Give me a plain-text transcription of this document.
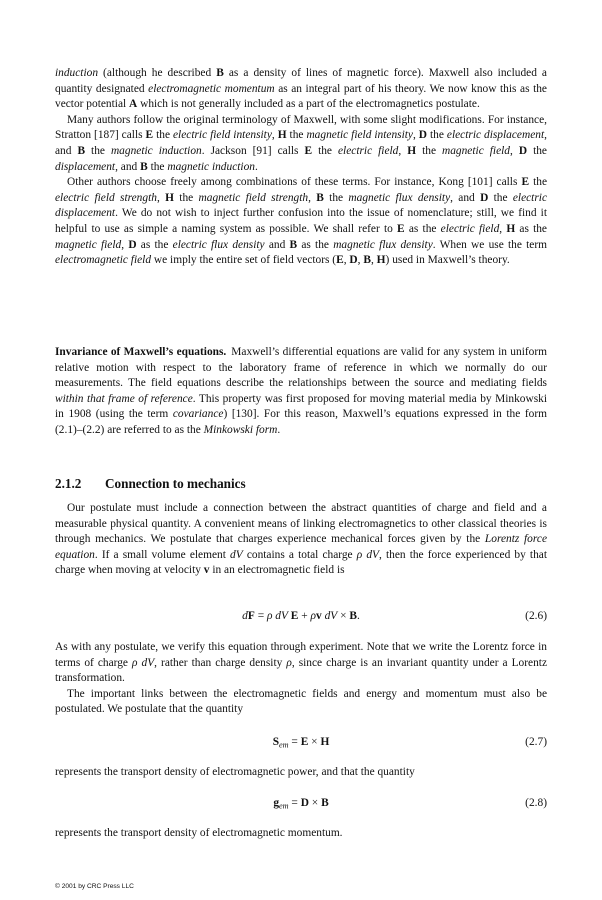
induction (although he described B as a density of lines of magnetic force). Maxwell also included a quantity designated electromagnetic momentum as an integral part of his theory. We now know this as the vector potential A which is not generally included as a part of the electromagnetics postulate.

Many authors follow the original terminology of Maxwell, with some slight modifications. For instance, Stratton [187] calls E the electric field intensity, H the magnetic field intensity, D the electric displacement, and B the magnetic induction. Jackson [91] calls E the electric field, H the magnetic field, D the displacement, and B the magnetic induction.

Other authors choose freely among combinations of these terms. For instance, Kong [101] calls E the electric field strength, H the magnetic field strength, B the magnetic flux density, and D the electric displacement. We do not wish to inject further confusion into the issue of nomenclature; still, we find it helpful to use as simple a naming system as possible. We shall refer to E as the electric field, H as the magnetic field, D as the electric flux density and B as the magnetic flux density. When we use the term electromagnetic field we imply the entire set of field vectors (E, D, B, H) used in Maxwell’s theory.

Invariance of Maxwell’s equations. Maxwell’s differential equations are valid for any system in uniform relative motion with respect to the laboratory frame of reference in which we normally do our measurements. The field equations describe the relationships between the source and mediating fields within that frame of reference. This property was first proposed for moving material media by Minkowski in 1908 (using the term covariance) [130]. For this reason, Maxwell’s equations expressed in the form (2.1)–(2.2) are referred to as the Minkowski form.

2.1.2 Connection to mechanics

Our postulate must include a connection between the abstract quantities of charge and field and a measurable physical quantity. A convenient means of linking electromagnetics to other classical theories is through mechanics. We postulate that charges experience mechanical forces given by the Lorentz force equation. If a small volume element dV contains a total charge ρ dV, then the force experienced by that charge when moving at velocity v in an electromagnetic field is

dF = ρ dV E + ρv dV × B.	(2.6)

As with any postulate, we verify this equation through experiment. Note that we write the Lorentz force in terms of charge ρ dV, rather than charge density ρ, since charge is an invariant quantity under a Lorentz transformation.

The important links between the electromagnetic fields and energy and momentum must also be postulated. We postulate that the quantity

$S_{em} = E \times H$	(2.7)

represents the transport density of electromagnetic power, and that the quantity

$g_{em} = D \times B$	(2.8)

represents the transport density of electromagnetic momentum.

© 2001 by CRC Press LLC
